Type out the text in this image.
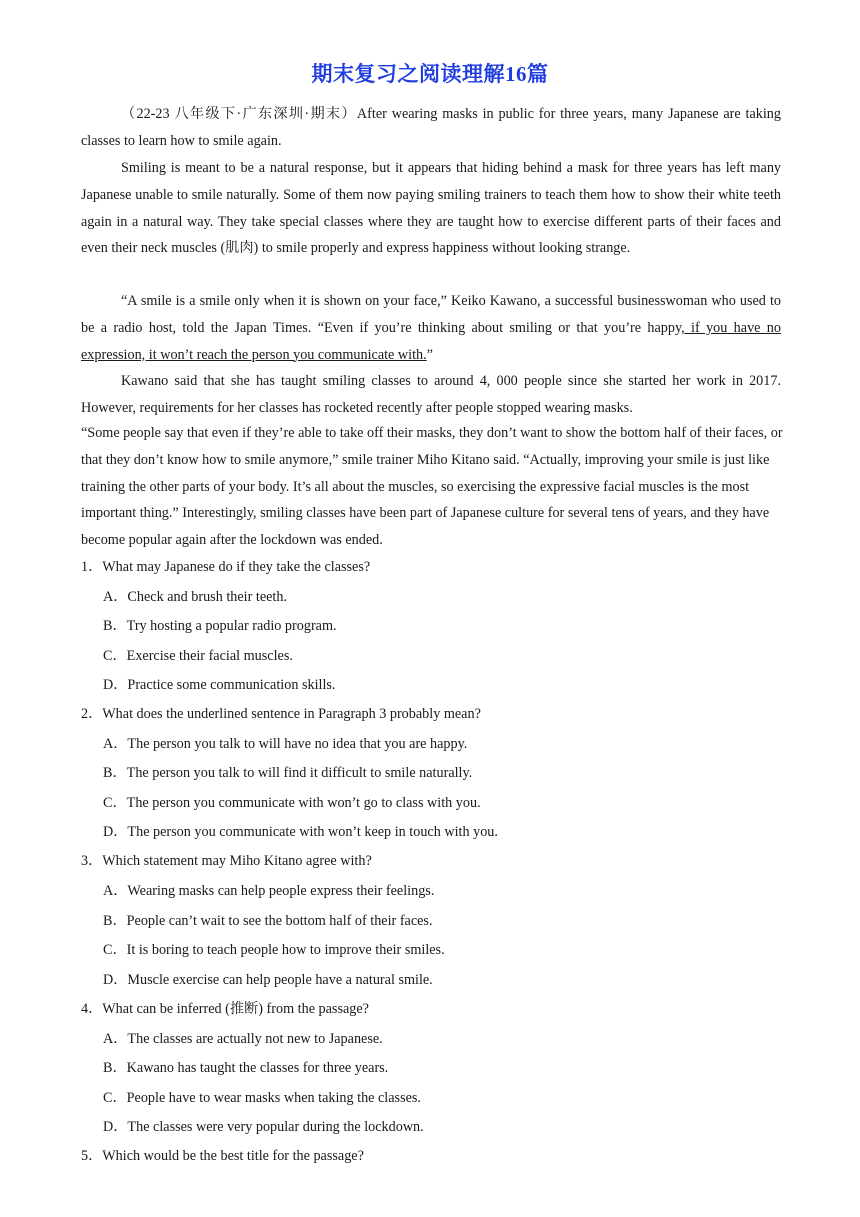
期末复习之阅读理解16篇

（22-23 八年级下·广东深圳·期末）After wearing masks in public for three years, many Japanese are taking classes to learn how to smile again.

Smiling is meant to be a natural response, but it appears that hiding behind a mask for three years has left many Japanese unable to smile naturally. Some of them now paying smiling trainers to teach them how to show their white teeth again in a natural way. They take special classes where they are taught how to exercise different parts of their faces and even their neck muscles (肌肉) to smile properly and express happiness without looking strange.

“A smile is a smile only when it is shown on your face,” Keiko Kawano, a successful businesswoman who used to be a radio host, told the Japan Times. “Even if you’re thinking about smiling or that you’re happy, if you have no expression, it won’t reach the person you communicate with.”

Kawano said that she has taught smiling classes to around 4, 000 people since she started her work in 2017. However, requirements for her classes has rocketed recently after people stopped wearing masks.

“Some people say that even if they’re able to take off their masks, they don’t want to show the bottom half of their faces, or that they don’t know how to smile anymore,” smile trainer Miho Kitano said. “Actually, improving your smile is just like training the other parts of your body. It’s all about the muscles, so exercising the expressive facial muscles is the most important thing.” Interestingly, smiling classes have been part of Japanese culture for several tens of years, and they have become popular again after the lockdown was ended.

1．What may Japanese do if they take the classes?

A．Check and brush their teeth.

B．Try hosting a popular radio program.

C．Exercise their facial muscles.

D．Practice some communication skills.

2．What does the underlined sentence in Paragraph 3 probably mean?

A．The person you talk to will have no idea that you are happy.

B．The person you talk to will find it difficult to smile naturally.

C．The person you communicate with won’t go to class with you.

D．The person you communicate with won’t keep in touch with you.

3．Which statement may Miho Kitano agree with?

A．Wearing masks can help people express their feelings.

B．People can’t wait to see the bottom half of their faces.

C．It is boring to teach people how to improve their smiles.

D．Muscle exercise can help people have a natural smile.

4．What can be inferred (推断) from the passage?

A．The classes are actually not new to Japanese.

B．Kawano has taught the classes for three years.

C．People have to wear masks when taking the classes.

D．The classes were very popular during the lockdown.

5．Which would be the best title for the passage?
